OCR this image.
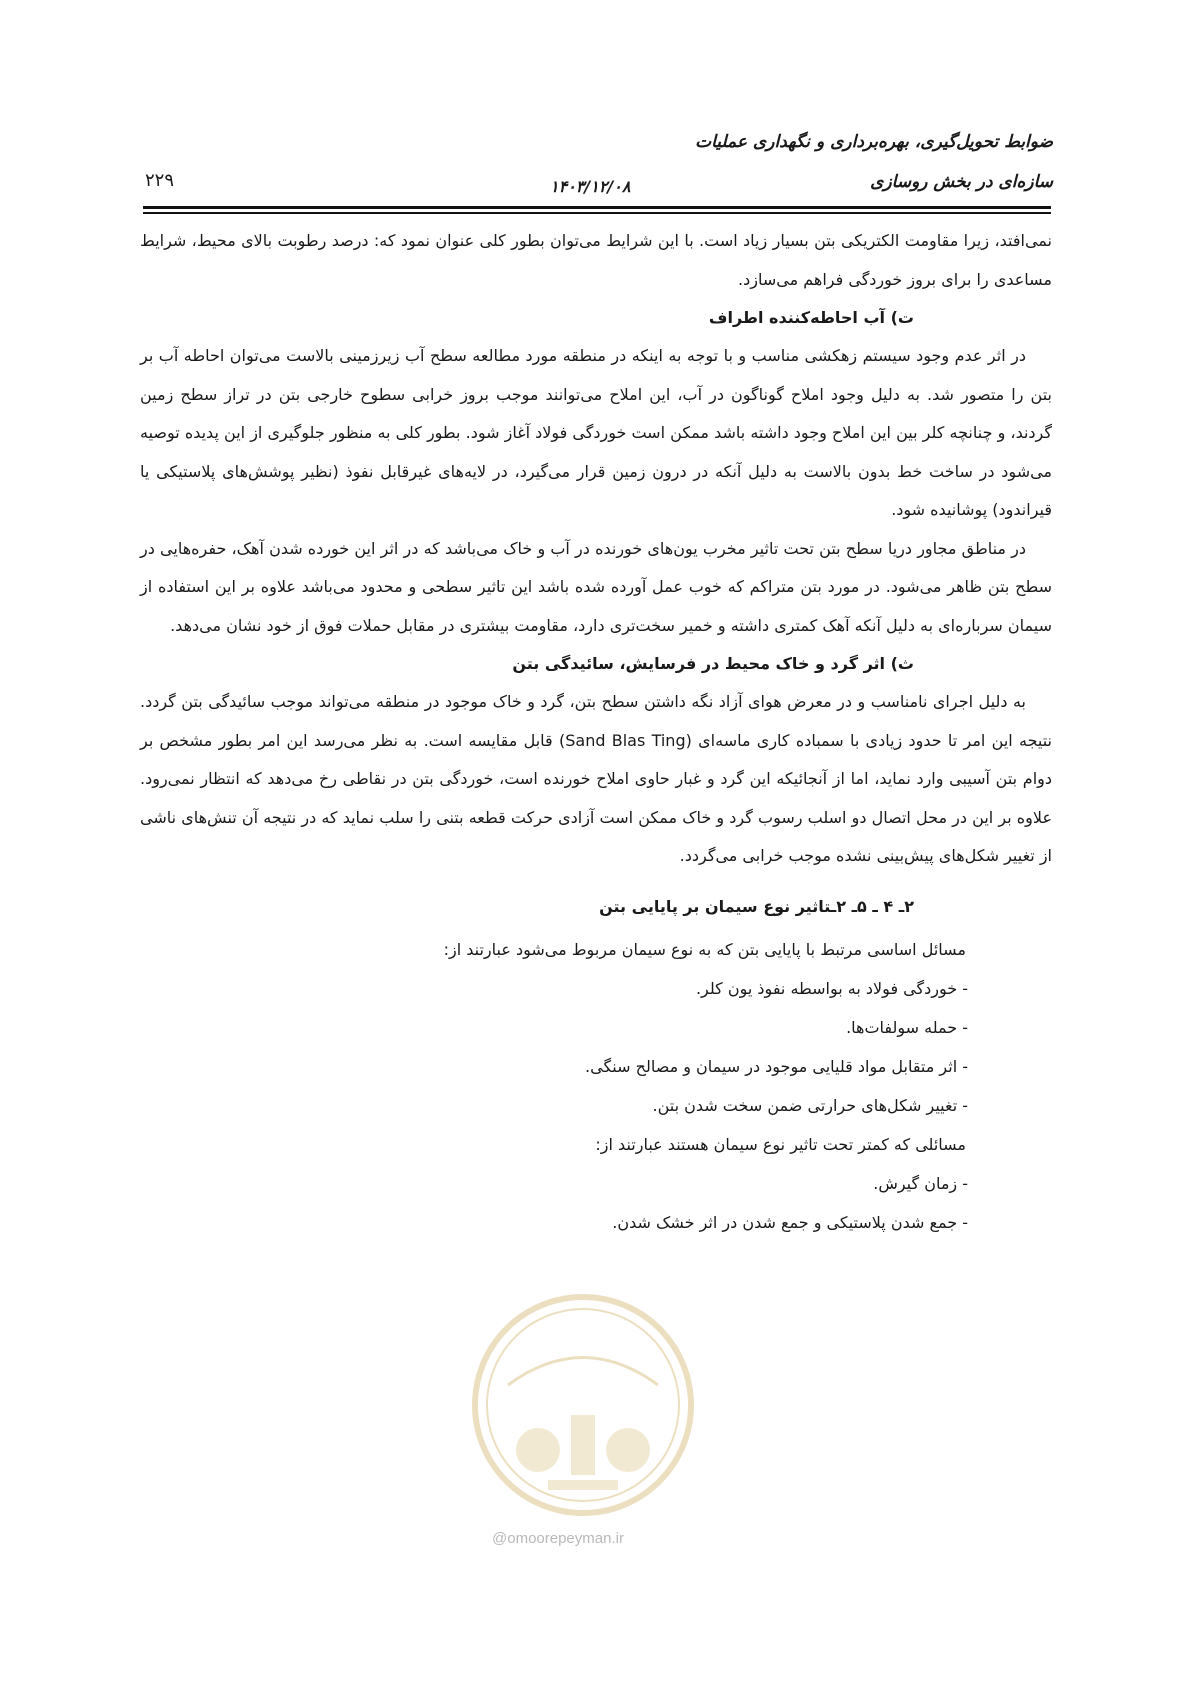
ضوابط تحویل‌گیری، بهره‌برداری و نگهداری عملیات
سازه‌ای در بخش روسازی
۱۴۰۳/۱۲/۰۸
۲۲۹

نمی‌افتد، زیرا مقاومت الکتریکی بتن بسیار زیاد است. با این شرایط می‌توان بطور کلی عنوان نمود که: درصد رطوبت بالای محیط، شرایط مساعدی را برای بروز خوردگی فراهم می‌سازد.

ت) آب احاطه‌کننده اطراف

در اثر عدم وجود سیستم زهکشی مناسب و با توجه به اینکه در منطقه مورد مطالعه سطح آب زیرزمینی بالاست می‌توان احاطه آب بر بتن را متصور شد. به دلیل وجود املاح گوناگون در آب، این املاح می‌توانند موجب بروز خرابی سطوح خارجی بتن در تراز سطح زمین گردند، و چنانچه کلر بین این املاح وجود داشته باشد ممکن است خوردگی فولاد آغاز شود. بطور کلی به منظور جلوگیری از این پدیده توصیه می‌شود در ساخت خط بدون بالاست به دلیل آنکه در درون زمین قرار می‌گیرد، در لایه‌های غیرقابل نفوذ (نظیر پوشش‌های پلاستیکی یا قیراندود) پوشانیده شود.

در مناطق مجاور دریا سطح بتن تحت تاثیر مخرب یون‌های خورنده در آب و خاک می‌باشد که در اثر این خورده شدن آهک، حفره‌هایی در سطح بتن ظاهر می‌شود. در مورد بتن متراکم که خوب عمل آورده شده باشد این تاثیر سطحی و محدود می‌باشد علاوه بر این استفاده از سیمان سرباره‌ای به دلیل آنکه آهک کمتری داشته و خمیر سخت‌تری دارد، مقاومت بیشتری در مقابل حملات فوق از خود نشان می‌دهد.

ث) اثر گرد و خاک محیط در فرسایش، سائیدگی بتن

به دلیل اجرای نامناسب و در معرض هوای آزاد نگه داشتن سطح بتن، گرد و خاک موجود در منطقه می‌تواند موجب سائیدگی بتن گردد. نتیجه این امر تا حدود زیادی با سمباده کاری ماسه‌ای (Sand Blas Ting) قابل مقایسه است. به نظر می‌رسد این امر بطور مشخص بر دوام بتن آسیبی وارد نماید، اما از آنجائیکه این گرد و غبار حاوی املاح خورنده است، خوردگی بتن در نقاطی رخ می‌دهد که انتظار نمی‌رود. علاوه بر این در محل اتصال دو اسلب رسوب گرد و خاک ممکن است آزادی حرکت قطعه بتنی را سلب نماید که در نتیجه آن تنش‌های ناشی از تغییر شکل‌های پیش‌بینی نشده موجب خرابی می‌گردد.

۲ـ ۴ ـ ۵ـ ۲ـتاثیر نوع سیمان بر پایایی بتن

مسائل اساسی مرتبط با پایایی بتن که به نوع سیمان مربوط می‌شود عبارتند از:

- خوردگی فولاد به بواسطه نفوذ یون کلر.

- حمله سولفات‌ها.

- اثر متقابل مواد قلیایی موجود در سیمان و مصالح سنگی.

- تغییر شکل‌های حرارتی ضمن سخت شدن بتن.

مسائلی که کمتر تحت تاثیر نوع سیمان هستند عبارتند از:

- زمان گیرش.

- جمع شدن پلاستیکی و جمع شدن در اثر خشک شدن.

@omoorepeyman.ir
